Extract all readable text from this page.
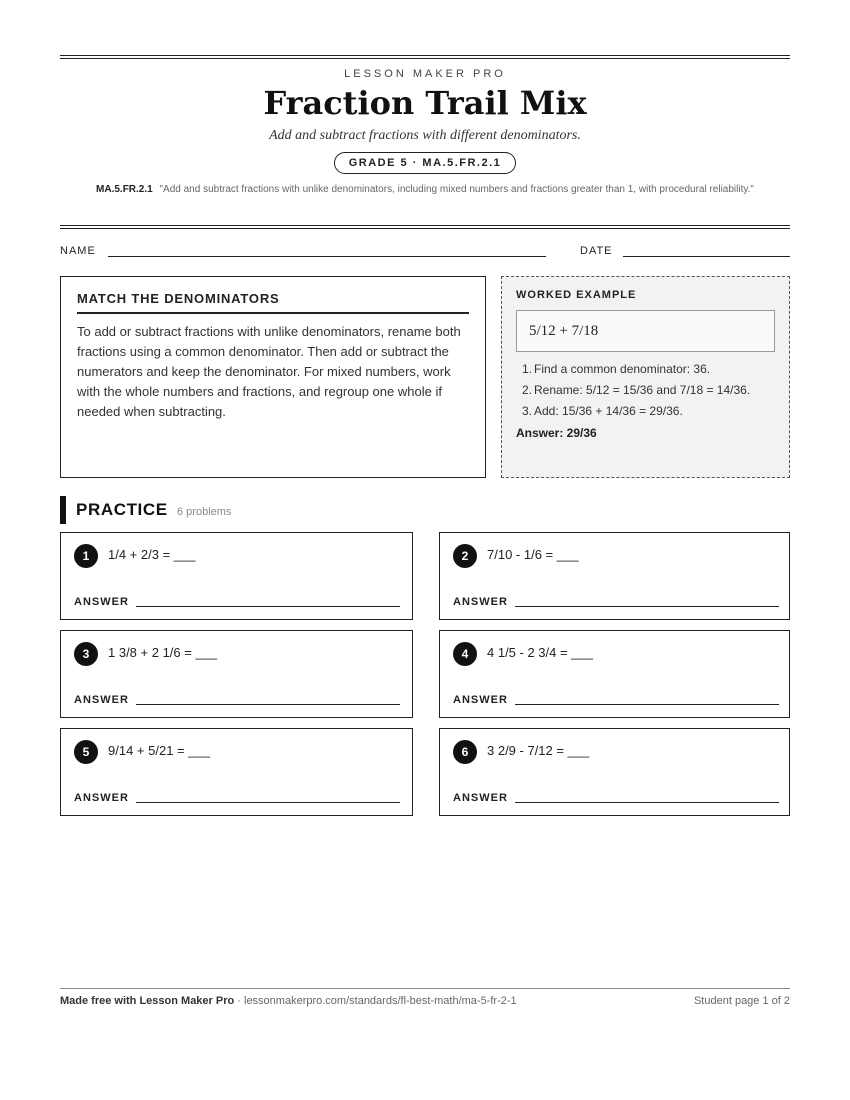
LESSON MAKER PRO
Fraction Trail Mix
Add and subtract fractions with different denominators.
GRADE 5 · MA.5.FR.2.1
MA.5.FR.2.1 "Add and subtract fractions with unlike denominators, including mixed numbers and fractions greater than 1, with procedural reliability."
NAME	DATE
MATCH THE DENOMINATORS

To add or subtract fractions with unlike denominators, rename both fractions using a common denominator. Then add or subtract the numerators and keep the denominator. For mixed numbers, work with the whole numbers and fractions, and regroup one whole if needed when subtracting.

WORKED EXAMPLE
5/12 + 7/18
1. Find a common denominator: 36.
2. Rename: 5/12 = 15/36 and 7/18 = 14/36.
3. Add: 15/36 + 14/36 = 29/36.
Answer: 29/36
PRACTICE 6 problems
1	1/4 + 2/3 = ___
ANSWER
2	7/10 - 1/6 = ___
ANSWER
3	1 3/8 + 2 1/6 = ___
ANSWER
4	4 1/5 - 2 3/4 = ___
ANSWER
5	9/14 + 5/21 = ___
ANSWER
6	3 2/9 - 7/12 = ___
ANSWER
Made free with Lesson Maker Pro · lessonmakerpro.com/standards/fl-best-math/ma-5-fr-2-1	Student page 1 of 2
